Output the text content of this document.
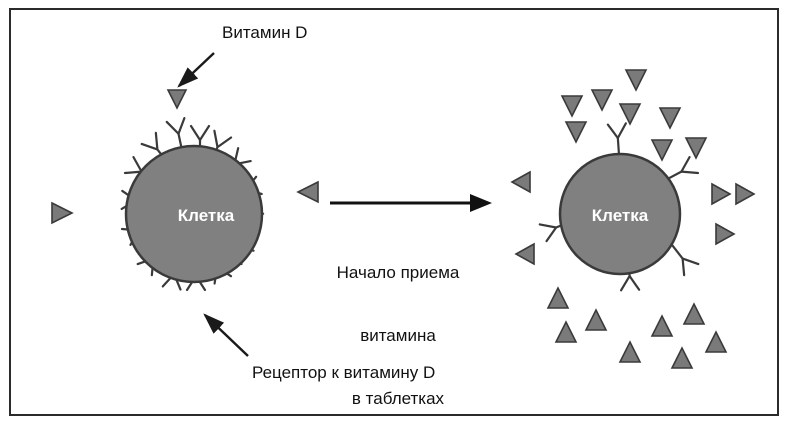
Витамин D
Рецептор к витамину D

Начало приема

витамина

в таблетках

Клетка	Клетка
